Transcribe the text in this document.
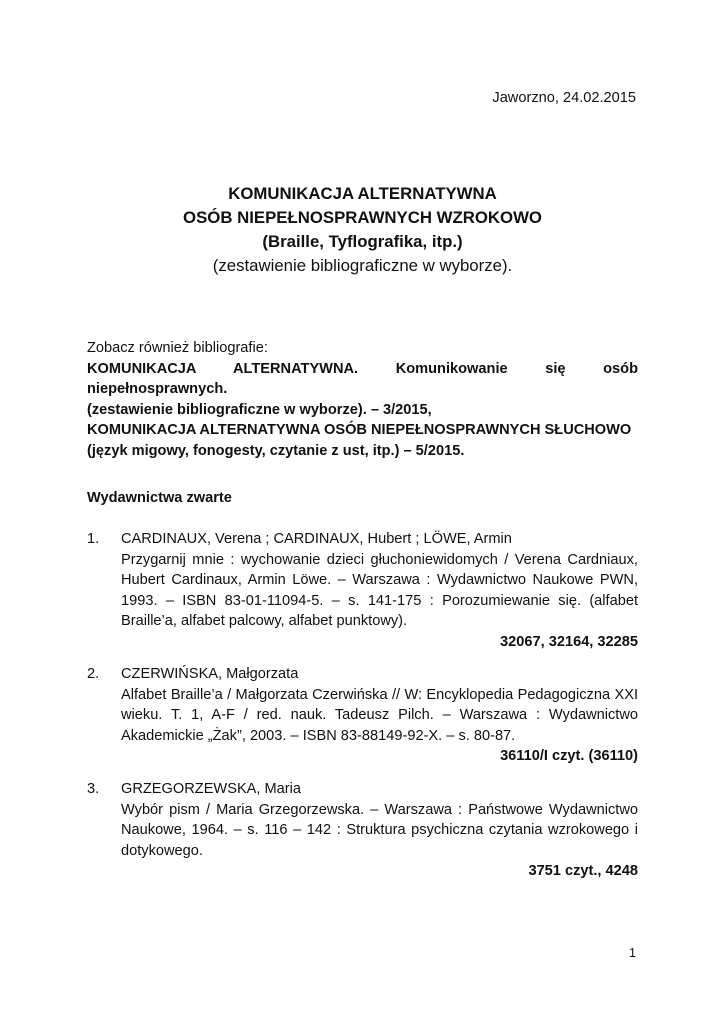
Jaworzno, 24.02.2015
KOMUNIKACJA ALTERNATYWNA
OSÓB NIEPEŁNOSPRAWNYCH WZROKOWO
(Braille, Tyflografika, itp.)
(zestawienie bibliograficzne w wyborze).
Zobacz również bibliografie:
KOMUNIKACJA ALTERNATYWNA. Komunikowanie się osób niepełnosprawnych.
(zestawienie bibliograficzne w wyborze). – 3/2015,
KOMUNIKACJA ALTERNATYWNA OSÓB NIEPEŁNOSPRAWNYCH SŁUCHOWO
(język migowy, fonogesty, czytanie z ust, itp.) – 5/2015.
Wydawnictwa zwarte
1. CARDINAUX, Verena ; CARDINAUX, Hubert ; LÖWE, Armin
Przygarnij mnie : wychowanie dzieci głuchoniewidomych / Verena Cardniaux, Hubert Cardinaux, Armin Löwe. – Warszawa : Wydawnictwo Naukowe PWN, 1993. – ISBN 83-01-11094-5. – s. 141-175 : Porozumiewanie się. (alfabet Braille’a, alfabet palcowy, alfabet punktowy).
32067, 32164, 32285
2. CZERWIŃSKA, Małgorzata
Alfabet Braille’a / Małgorzata Czerwińska // W: Encyklopedia Pedagogiczna XXI wieku. T. 1, A-F / red. nauk. Tadeusz Pilch. – Warszawa : Wydawnictwo Akademickie „Żak”, 2003. – ISBN 83-88149-92-X. – s. 80-87.
36110/I czyt. (36110)
3. GRZEGORZEWSKA, Maria
Wybór pism / Maria Grzegorzewska. – Warszawa : Państwowe Wydawnictwo Naukowe, 1964. – s. 116 – 142 : Struktura psychiczna czytania wzrokowego i dotykowego.
3751 czyt., 4248
1
